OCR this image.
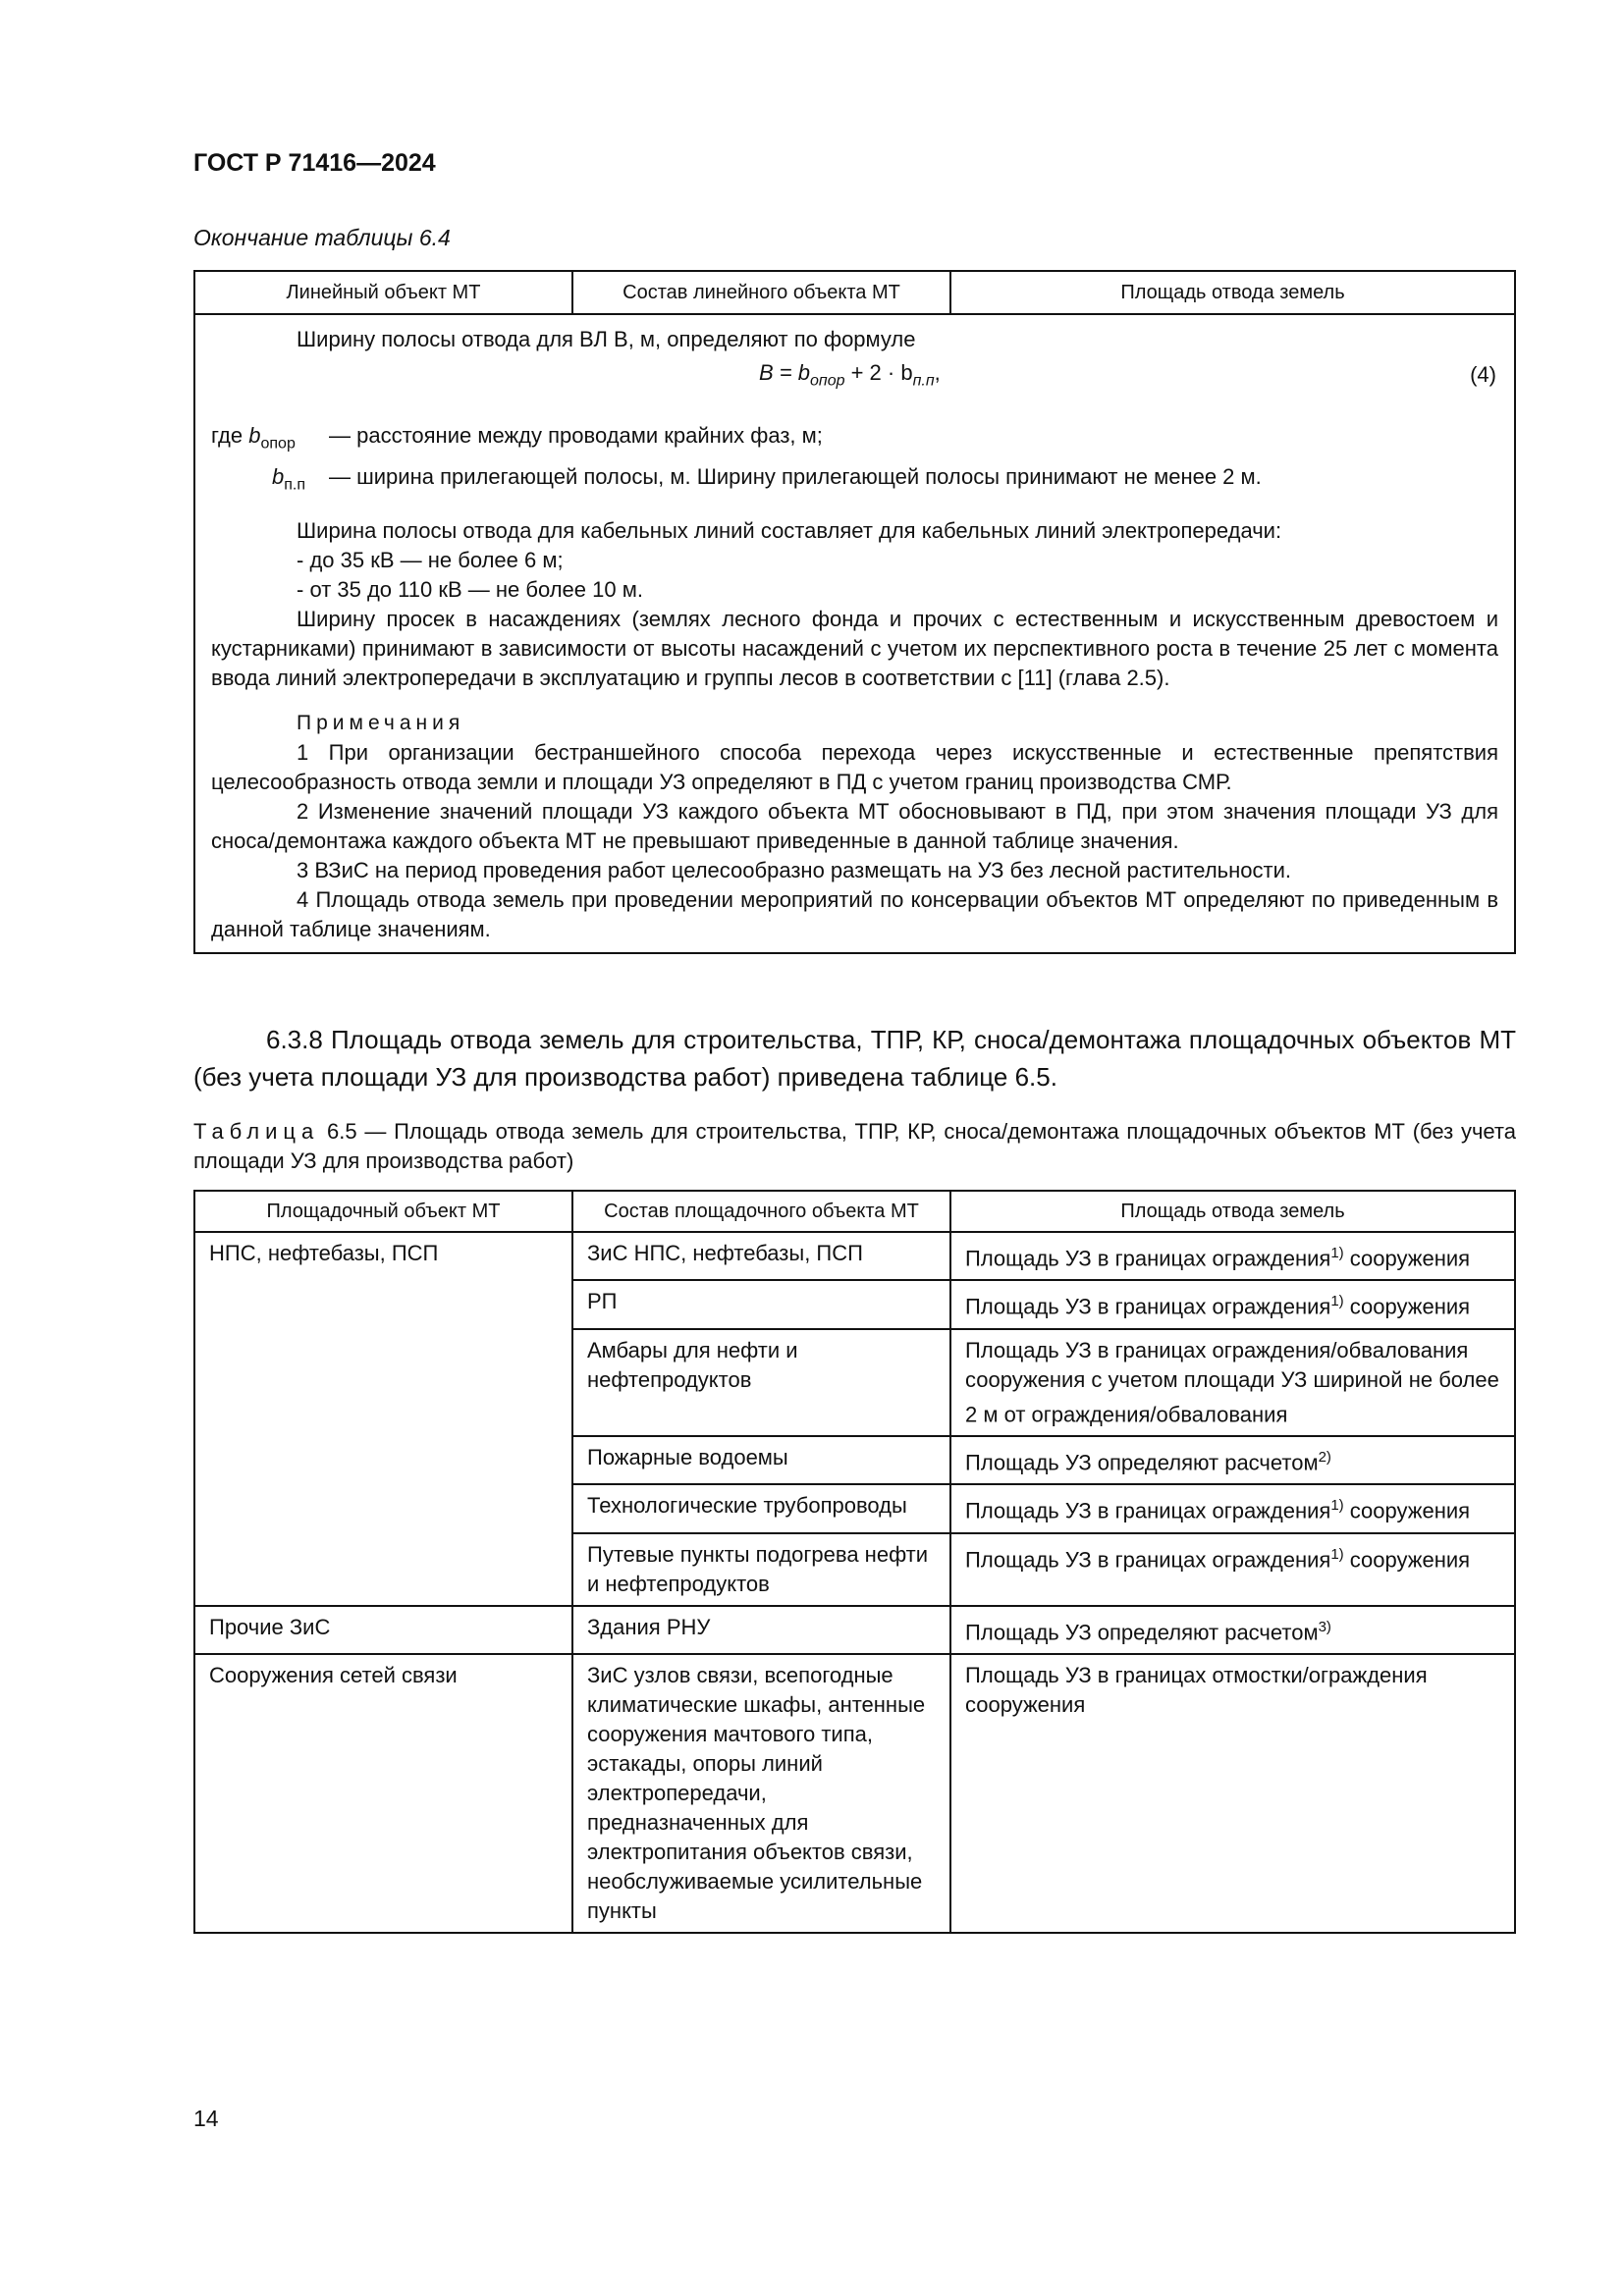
ГОСТ Р 71416—2024
Окончание таблицы 6.4
Линейный объект МТ	Состав линейного объекта МТ	Площадь отвода земель

Ширину полосы отвода для ВЛ B, м, определяют по формуле

$B = b_{опор} + 2 \cdot b_{п.п}$,	(4)
где $b_{опор}$	— расстояние между проводами крайних фаз, м;
$b_{п.п}$	— ширина прилегающей полосы, м. Ширину прилегающей полосы принимают не менее 2 м.

Ширина полосы отвода для кабельных линий составляет для кабельных линий электропередачи:

- до 35 кВ — не более 6 м;

- от 35 до 110 кВ — не более 10 м.

Ширину просек в насаждениях (землях лесного фонда и прочих с естественным и искусственным древостоем и кустарниками) принимают в зависимости от высоты насаждений с учетом их перспективного роста в течение 25 лет с момента ввода линий электропередачи в эксплуатацию и группы лесов в соответствии с [11] (глава 2.5).

Примечания

1 При организации бестраншейного способа перехода через искусственные и естественные препятствия целесообразность отвода земли и площади УЗ определяют в ПД с учетом границ производства СМР.

2 Изменение значений площади УЗ каждого объекта МТ обосновывают в ПД, при этом значения площади УЗ для сноса/демонтажа каждого объекта МТ не превышают приведенные в данной таблице значения.

3 ВЗиС на период проведения работ целесообразно размещать на УЗ без лесной растительности.

4 Площадь отвода земель при проведении мероприятий по консервации объектов МТ определяют по приведенным в данной таблице значениям.

6.3.8 Площадь отвода земель для строительства, ТПР, КР, сноса/демонтажа площадочных объектов МТ (без учета площади УЗ для производства работ) приведена таблице 6.5.

Таблица 6.5 — Площадь отвода земель для строительства, ТПР, КР, сноса/демонтажа площадочных объектов МТ (без учета площади УЗ для производства работ)

Площадочный объект МТ	Состав площадочного объекта МТ	Площадь отвода земель
НПС, нефтебазы, ПСП	ЗиС НПС, нефтебазы, ПСП	Площадь УЗ в границах ограждения$^{1)}$ сооружения
	РП	Площадь УЗ в границах ограждения$^{1)}$ сооружения
	Амбары для нефти и нефтепродуктов	Площадь УЗ в границах ограждения/обвалования сооружения с учетом площади УЗ шириной не более 2 м от ограждения/обвалования
	Пожарные водоемы	Площадь УЗ определяют расчетом$^{2)}$
	Технологические трубопроводы	Площадь УЗ в границах ограждения$^{1)}$ сооружения
	Путевые пункты подогрева нефти и нефтепродуктов	Площадь УЗ в границах ограждения$^{1)}$ сооружения
Прочие ЗиС	Здания РНУ	Площадь УЗ определяют расчетом$^{3)}$
Сооружения сетей связи	ЗиС узлов связи, всепогодные климатические шкафы, антенные сооружения мачтового типа, эстакады, опоры линий электропередачи, предназначенных для электропитания объектов связи, необслуживаемые усилительные пункты	Площадь УЗ в границах отмостки/ограждения сооружения
14
